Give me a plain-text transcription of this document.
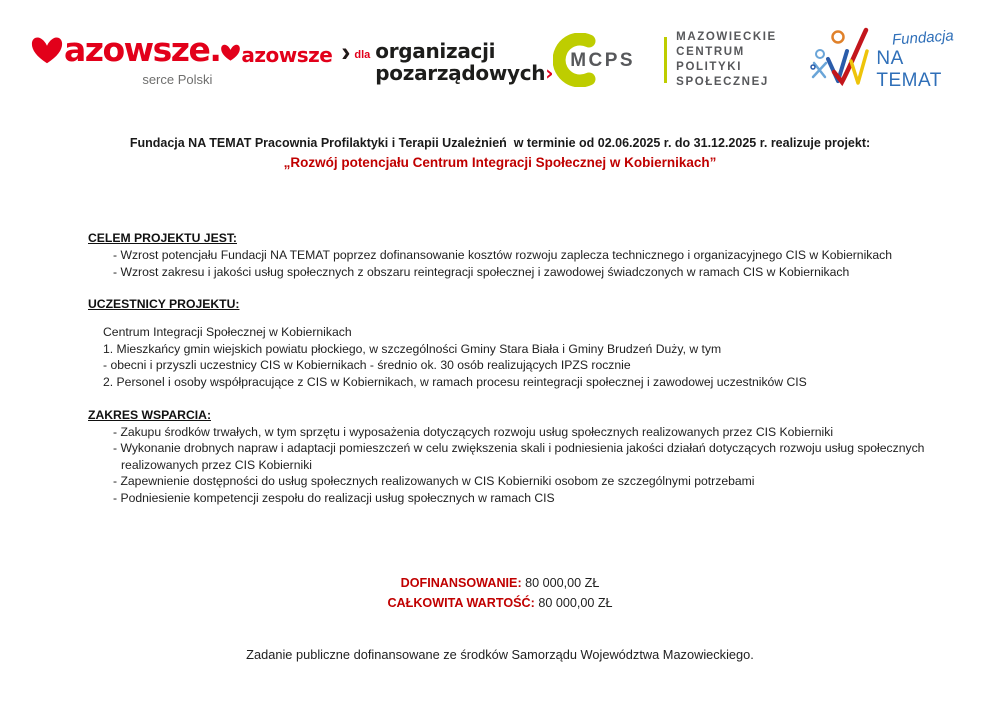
azowsze.
serce Polski
azowsze dla organizacji
pozarządowych›
MCPS
MAZOWIECKIE
CENTRUM POLITYKI
SPOŁECZNEJ
Fundacja
NA TEMAT

Fundacja NA TEMAT Pracownia Profilaktyki i Terapii Uzależnień  w terminie od 02.06.2025 r. do 31.12.2025 r. realizuje projekt:

„Rozwój potencjału Centrum Integracji Społecznej w Kobiernikach”

CELEM PROJEKTU JEST:

- Wzrost potencjału Fundacji NA TEMAT poprzez dofinansowanie kosztów rozwoju zaplecza technicznego i organizacyjnego CIS w Kobiernikach

- Wzrost zakresu i jakości usług społecznych z obszaru reintegracji społecznej i zawodowej świadczonych w ramach CIS w Kobiernikach

UCZESTNICY PROJEKTU:

Centrum Integracji Społecznej w Kobiernikach

1. Mieszkańcy gmin wiejskich powiatu płockiego, w szczególności Gminy Stara Biała i Gminy Brudzeń Duży, w tym

- obecni i przyszli uczestnicy CIS w Kobiernikach - średnio ok. 30 osób realizujących IPZS rocznie

2. Personel i osoby współpracujące z CIS w Kobiernikach, w ramach procesu reintegracji społecznej i zawodowej uczestników CIS

ZAKRES WSPARCIA:

- Zakupu środków trwałych, w tym sprzętu i wyposażenia dotyczących rozwoju usług społecznych realizowanych przez CIS Kobierniki

- Wykonanie drobnych napraw i adaptacji pomieszczeń w celu zwiększenia skali i podniesienia jakości działań dotyczących rozwoju usług społecznych

realizowanych przez CIS Kobierniki

- Zapewnienie dostępności do usług społecznych realizowanych w CIS Kobierniki osobom ze szczególnymi potrzebami

- Podniesienie kompetencji zespołu do realizacji usług społecznych w ramach CIS

DOFINANSOWANIE: 80 000,00 ZŁ

CAŁKOWITA WARTOŚĆ: 80 000,00 ZŁ

Zadanie publiczne dofinansowane ze środków Samorządu Województwa Mazowieckiego.
